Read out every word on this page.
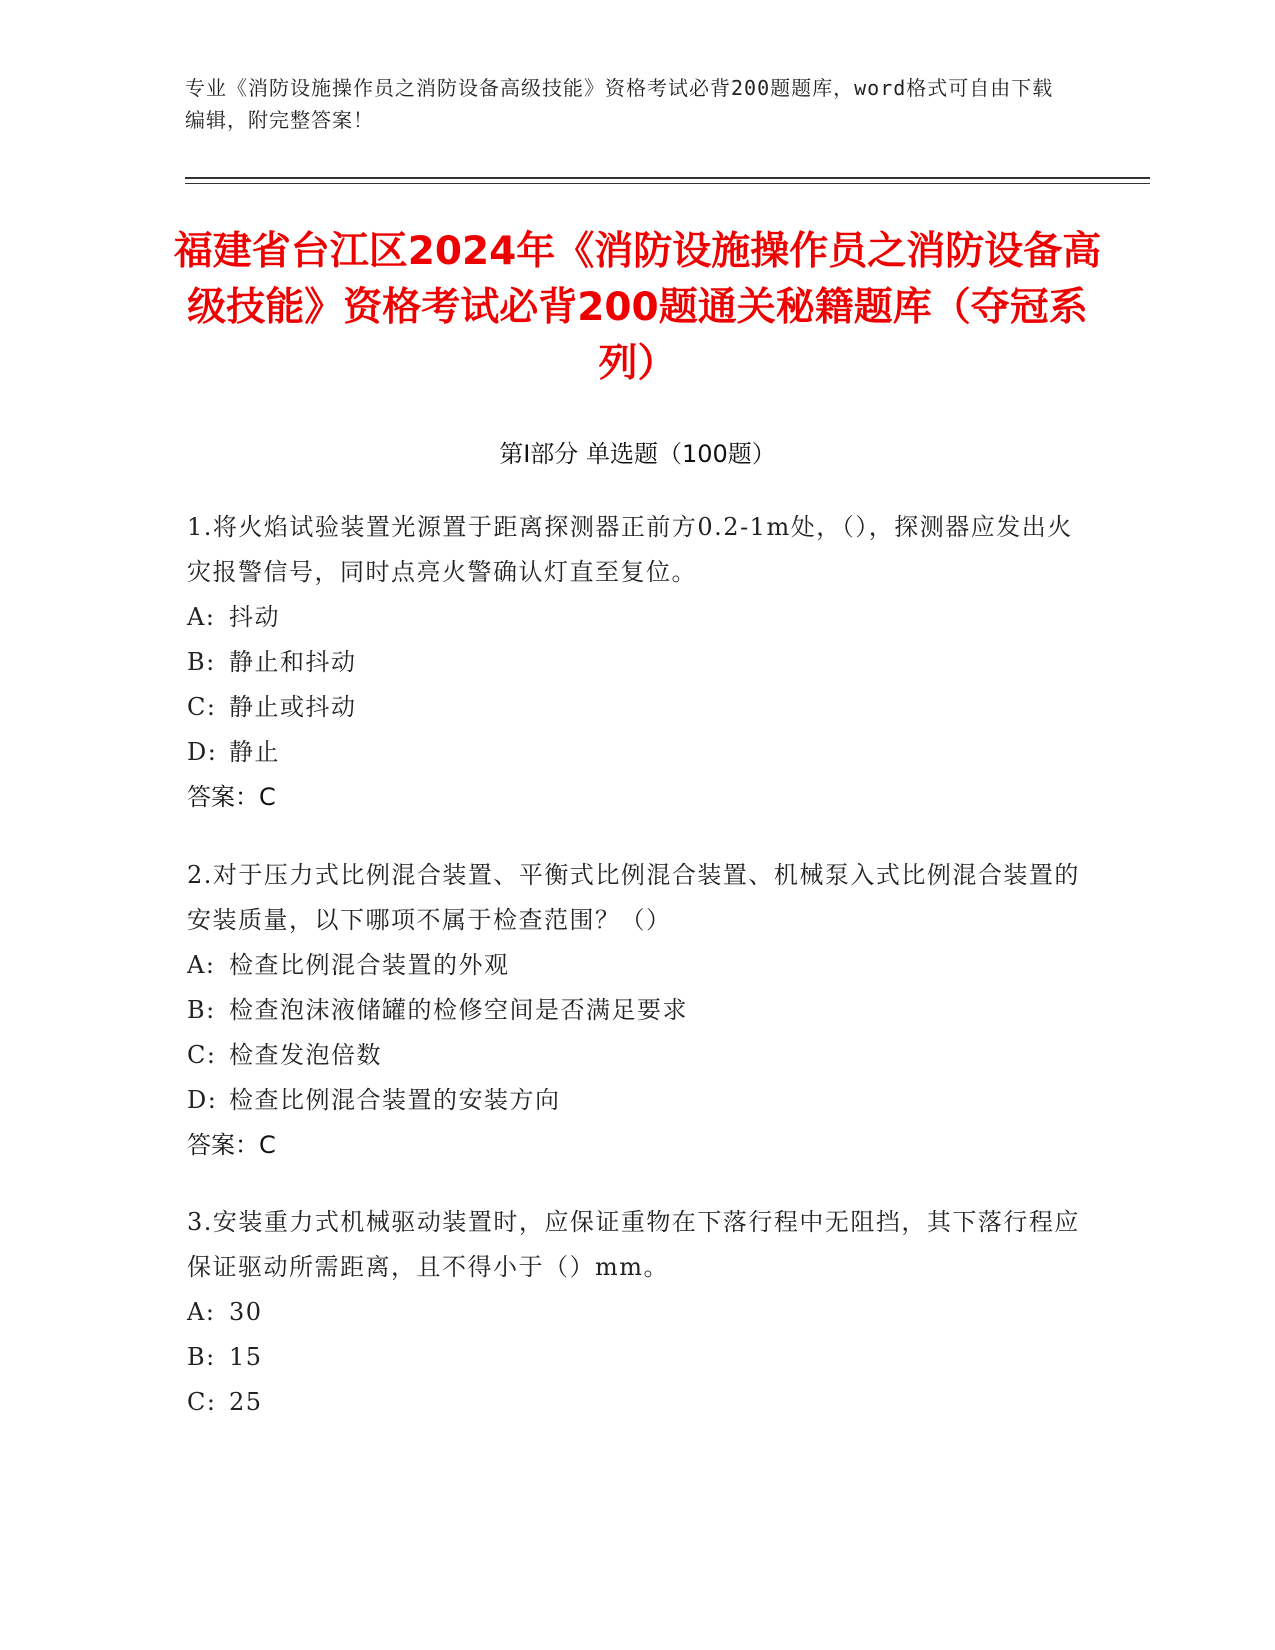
专业《消防设施操作员之消防设备高级技能》资格考试必背200题题库，word格式可自由下载编辑，附完整答案！
福建省台江区2024年《消防设施操作员之消防设备高级技能》资格考试必背200题通关秘籍题库（夺冠系列）
第Ⅰ部分 单选题（100题）
1.将火焰试验装置光源置于距离探测器正前方0.2-1m处，（），探测器应发出火灾报警信号，同时点亮火警确认灯直至复位。
A: 抖动
B: 静止和抖动
C: 静止或抖动
D: 静止
答案：C
2.对于压力式比例混合装置、平衡式比例混合装置、机械泵入式比例混合装置的安装质量，以下哪项不属于检查范围？（）
A: 检查比例混合装置的外观
B: 检查泡沫液储罐的检修空间是否满足要求
C: 检查发泡倍数
D: 检查比例混合装置的安装方向
答案：C
3.安装重力式机械驱动装置时，应保证重物在下落行程中无阻挡，其下落行程应保证驱动所需距离，且不得小于（）mm。
A: 30
B: 15
C: 25
